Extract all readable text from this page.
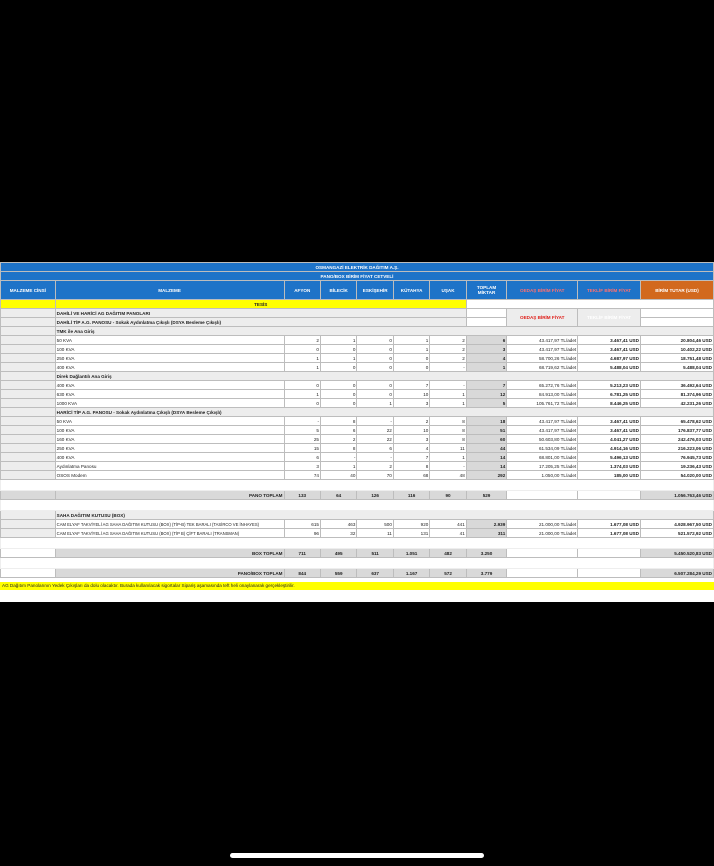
OSMANGAZİ ELEKTRİK DAĞITIM A.Ş.										
PANO/BOX BİRİM FİYAT CETVELİ										
MALZEME CİNSİ	MALZEME	AFYON	BİLECİK	ESKİŞEHİR	KÜTAHYA	UŞAK	TOPLAM MİKTAR	OEDAŞ BİRİM FİYAT	TEKLİF BİRİM FİYAT	BİRİM TUTAR (USD)
	TESİS									
	DAHİLİ VE HARİCİ AG DAĞITIM PANOLARI							OEDAŞ BİRİM FİYAT	TEKLİF BİRİM FİYAT	
	DAHİLİ TİP A.G. PANOSU - Sokak Aydınlatma Çıkışlı (DSYA Besleme Çıkışlı)									
	TMK ile Ana Giriş									
	50 KVA	2	1	0	1	2	6	43.417,97 TL/adet	3.467,41 USD	20.804,46 USD
	100 KVA	0	0	0	1	2	3	43.417,97 TL/adet	3.467,41 USD	10.402,22 USD
	250 KVA	1	1	0	0	2	4	58.700,26 TL/adet	4.687,97 USD	18.751,48 USD
	400 KVA	1	0	0	0	-	1	68.719,62 TL/adet	5.488,04 USD	5.488,04 USD
	Direk Dağlantılı Ana Giriş									
	400 KVA	0	0	0	7	-	7	65.272,76 TL/adet	5.213,23 USD	36.492,64 USD
	630 KVA	1	0	0	10	1	12	84.913,00 TL/adet	6.781,25 USD	81.374,96 USD
	1000 KVA	0	0	1	3	1	5	105.761,72 TL/adet	8.446,25 USD	42.231,26 USD
	HARİCİ TİP A.G. PANOSU - Sokak Aydınlatma Çıkışlı (DSYA Besleme Çıkışlı)									
	50 KVA	-	8	-	2	8	18	43.417,97 TL/adet	3.467,41 USD	65.478,62 USD
	100 KVA	5	6	22	10	8	51	43.417,97 TL/adet	3.467,41 USD	176.837,77 USD
	160 KVA	25	2	22	3	8	60	50.603,80 TL/adet	4.041,27 USD	242.476,03 USD
	250 KVA	15	8	6	4	11	44	61.534,09 TL/adet	4.914,16 USD	216.223,06 USD
	400 KVA	6	-	-	7	1	14	68.801,00 TL/adet	5.496,13 USD	76.945,73 USD
	Aydınlatma Panosu	3	1	2	8	-	14	17.205,25 TL/adet	1.374,03 USD	19.236,43 USD
	OSOS Modem	74	40	70	68	48	292	1.050,00 TL/adet	185,00 USD	54.020,00 USD

	PANO TOPLAM	133	64	126	116	90	529			1.056.763,46 USD

	SAHA DAĞITIM KUTUSU (BOX)									
	CAM ELYAF TAKVİYELİ AG SAHA DAĞITIM KUTUSU (BOX) (TİP-B) TEK BARALI (TASİRCO VE İNHAYES)	615	463	500	920	441	2.939	21.000,00 TL/adet	1.677,08 USD	4.928.967,50 USD
	CAM ELYAF TAKVİYELİ AG SAHA DAĞITIM KUTUSU (BOX) (TİP B) ÇİFT BARALI (TRANSMAN)	96	32	11	131	41	311	21.000,00 TL/adet	1.677,08 USD	521.572,92 USD

	BOX TOPLAM	711	495	511	1.051	482	3.250			5.450.520,83 USD

	PANO/BOX TOPLAM	844	559	637	1.167	572	3.779			6.507.284,29 USD
AG Dağıtım Panolarının Yedek Çıkışları da dolu olacaktır. Burada kullanılacak sigortalar Sipariş aşamasında teft heli onaylanarak gerçekleştirilir.
